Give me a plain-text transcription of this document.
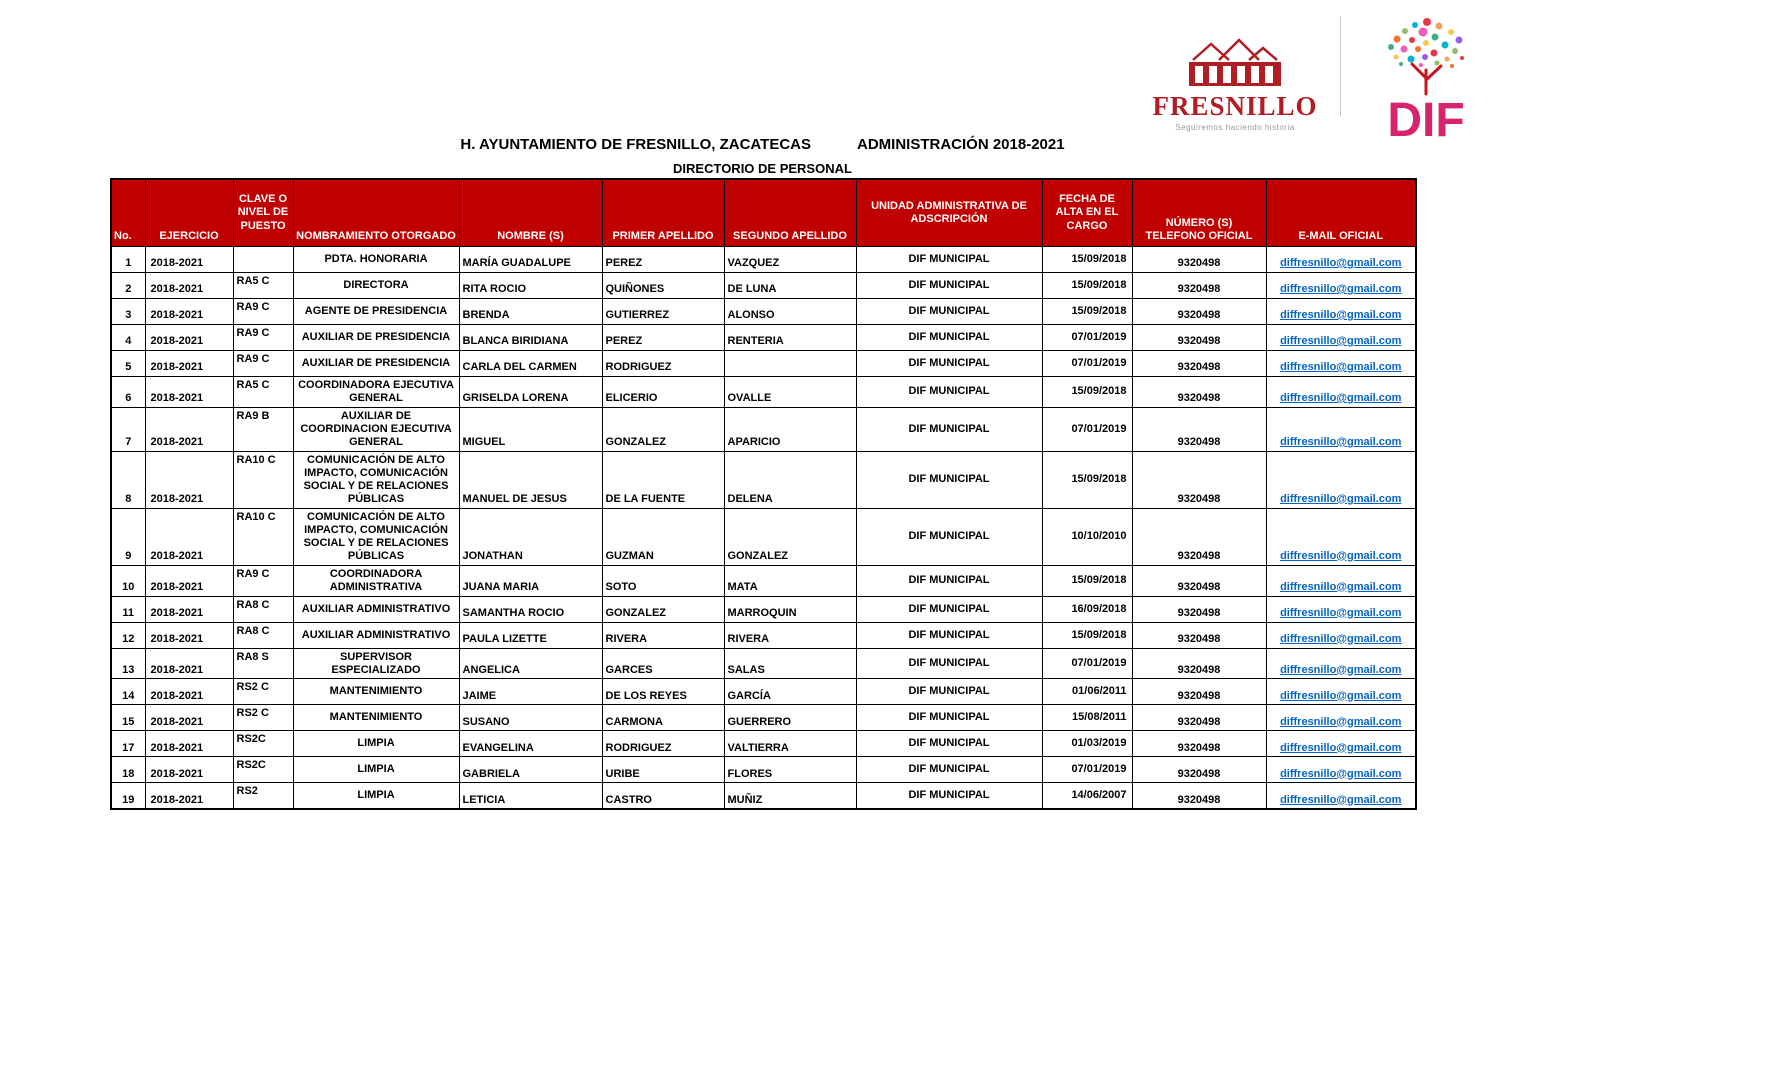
FRESNILLO
Seguiremos haciendo historia	DIF
H. AYUNTAMIENTO DE FRESNILLO, ZACATECAS	ADMINISTRACIÓN 2018-2021
DIRECTORIO DE PERSONAL
No.	EJERCICIO	CLAVE O NIVEL DE PUESTO	NOMBRAMIENTO OTORGADO	NOMBRE (S)	PRIMER APELLIDO	SEGUNDO APELLIDO	UNIDAD ADMINISTRATIVA DE ADSCRIPCIÓN	FECHA DE ALTA EN EL CARGO	NÚMERO (S) TELEFONO OFICIAL	E-MAIL OFICIAL
1	2018-2021		PDTA. HONORARIA	MARÍA GUADALUPE	PEREZ	VAZQUEZ	DIF MUNICIPAL	15/09/2018	9320498	diffresnillo@gmail.com
2	2018-2021	RA5 C	DIRECTORA	RITA ROCIO	QUIÑONES	DE LUNA	DIF MUNICIPAL	15/09/2018	9320498	diffresnillo@gmail.com
3	2018-2021	RA9 C	AGENTE DE PRESIDENCIA	BRENDA	GUTIERREZ	ALONSO	DIF MUNICIPAL	15/09/2018	9320498	diffresnillo@gmail.com
4	2018-2021	RA9 C	AUXILIAR DE PRESIDENCIA	BLANCA BIRIDIANA	PEREZ	RENTERIA	DIF MUNICIPAL	07/01/2019	9320498	diffresnillo@gmail.com
5	2018-2021	RA9 C	AUXILIAR DE PRESIDENCIA	CARLA DEL CARMEN	RODRIGUEZ		DIF MUNICIPAL	07/01/2019	9320498	diffresnillo@gmail.com
6	2018-2021	RA5 C	COORDINADORA EJECUTIVA GENERAL	GRISELDA LORENA	ELICERIO	OVALLE	DIF MUNICIPAL	15/09/2018	9320498	diffresnillo@gmail.com
7	2018-2021	RA9 B	AUXILIAR DE COORDINACION EJECUTIVA GENERAL	MIGUEL	GONZALEZ	APARICIO	DIF MUNICIPAL	07/01/2019	9320498	diffresnillo@gmail.com
8	2018-2021	RA10 C	COMUNICACIÓN DE ALTO IMPACTO, COMUNICACIÓN SOCIAL Y DE RELACIONES PÚBLICAS	MANUEL DE JESUS	DE LA FUENTE	DELENA	DIF MUNICIPAL	15/09/2018	9320498	diffresnillo@gmail.com
9	2018-2021	RA10 C	COMUNICACIÓN DE ALTO IMPACTO, COMUNICACIÓN SOCIAL Y DE RELACIONES PÚBLICAS	JONATHAN	GUZMAN	GONZALEZ	DIF MUNICIPAL	10/10/2010	9320498	diffresnillo@gmail.com
10	2018-2021	RA9 C	COORDINADORA ADMINISTRATIVA	JUANA MARIA	SOTO	MATA	DIF MUNICIPAL	15/09/2018	9320498	diffresnillo@gmail.com
11	2018-2021	RA8 C	AUXILIAR ADMINISTRATIVO	SAMANTHA ROCIO	GONZALEZ	MARROQUIN	DIF MUNICIPAL	16/09/2018	9320498	diffresnillo@gmail.com
12	2018-2021	RA8 C	AUXILIAR ADMINISTRATIVO	PAULA LIZETTE	RIVERA	RIVERA	DIF MUNICIPAL	15/09/2018	9320498	diffresnillo@gmail.com
13	2018-2021	RA8 S	SUPERVISOR ESPECIALIZADO	ANGELICA	GARCES	SALAS	DIF MUNICIPAL	07/01/2019	9320498	diffresnillo@gmail.com
14	2018-2021	RS2 C	MANTENIMIENTO	JAIME	DE LOS REYES	GARCÍA	DIF MUNICIPAL	01/06/2011	9320498	diffresnillo@gmail.com
15	2018-2021	RS2 C	MANTENIMIENTO	SUSANO	CARMONA	GUERRERO	DIF MUNICIPAL	15/08/2011	9320498	diffresnillo@gmail.com
17	2018-2021	RS2C	LIMPIA	EVANGELINA	RODRIGUEZ	VALTIERRA	DIF MUNICIPAL	01/03/2019	9320498	diffresnillo@gmail.com
18	2018-2021	RS2C	LIMPIA	GABRIELA	URIBE	FLORES	DIF MUNICIPAL	07/01/2019	9320498	diffresnillo@gmail.com
19	2018-2021	RS2	LIMPIA	LETICIA	CASTRO	MUÑIZ	DIF MUNICIPAL	14/06/2007	9320498	diffresnillo@gmail.com
